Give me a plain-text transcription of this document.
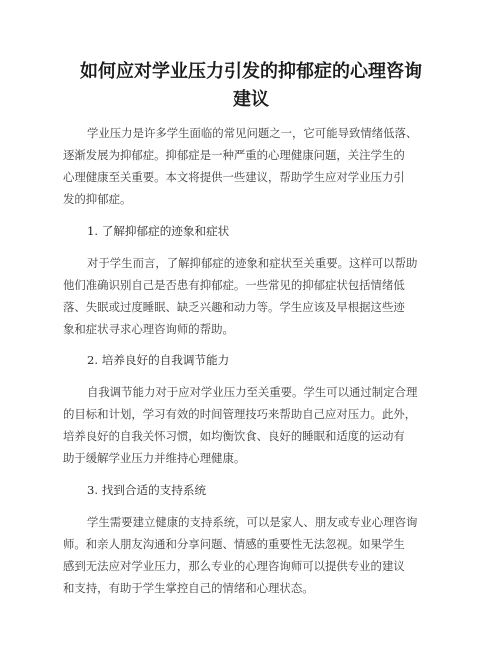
如何应对学业压力引发的抑郁症的心理咨询
建议
学业压力是许多学生面临的常见问题之一，它可能导致情绪低落、
逐渐发展为抑郁症。抑郁症是一种严重的心理健康问题，关注学生的
心理健康至关重要。本文将提供一些建议，帮助学生应对学业压力引
发的抑郁症。
1. 了解抑郁症的迹象和症状
对于学生而言，了解抑郁症的迹象和症状至关重要。这样可以帮助
他们准确识别自己是否患有抑郁症。一些常见的抑郁症状包括情绪低
落、失眠或过度睡眠、缺乏兴趣和动力等。学生应该及早根据这些迹
象和症状寻求心理咨询师的帮助。
2. 培养良好的自我调节能力
自我调节能力对于应对学业压力至关重要。学生可以通过制定合理
的目标和计划，学习有效的时间管理技巧来帮助自己应对压力。此外，
培养良好的自我关怀习惯，如均衡饮食、良好的睡眠和适度的运动有
助于缓解学业压力并维持心理健康。
3. 找到合适的支持系统
学生需要建立健康的支持系统，可以是家人、朋友或专业心理咨询
师。和亲人朋友沟通和分享问题、情感的重要性无法忽视。如果学生
感到无法应对学业压力，那么专业的心理咨询师可以提供专业的建议
和支持，有助于学生掌控自己的情绪和心理状态。
